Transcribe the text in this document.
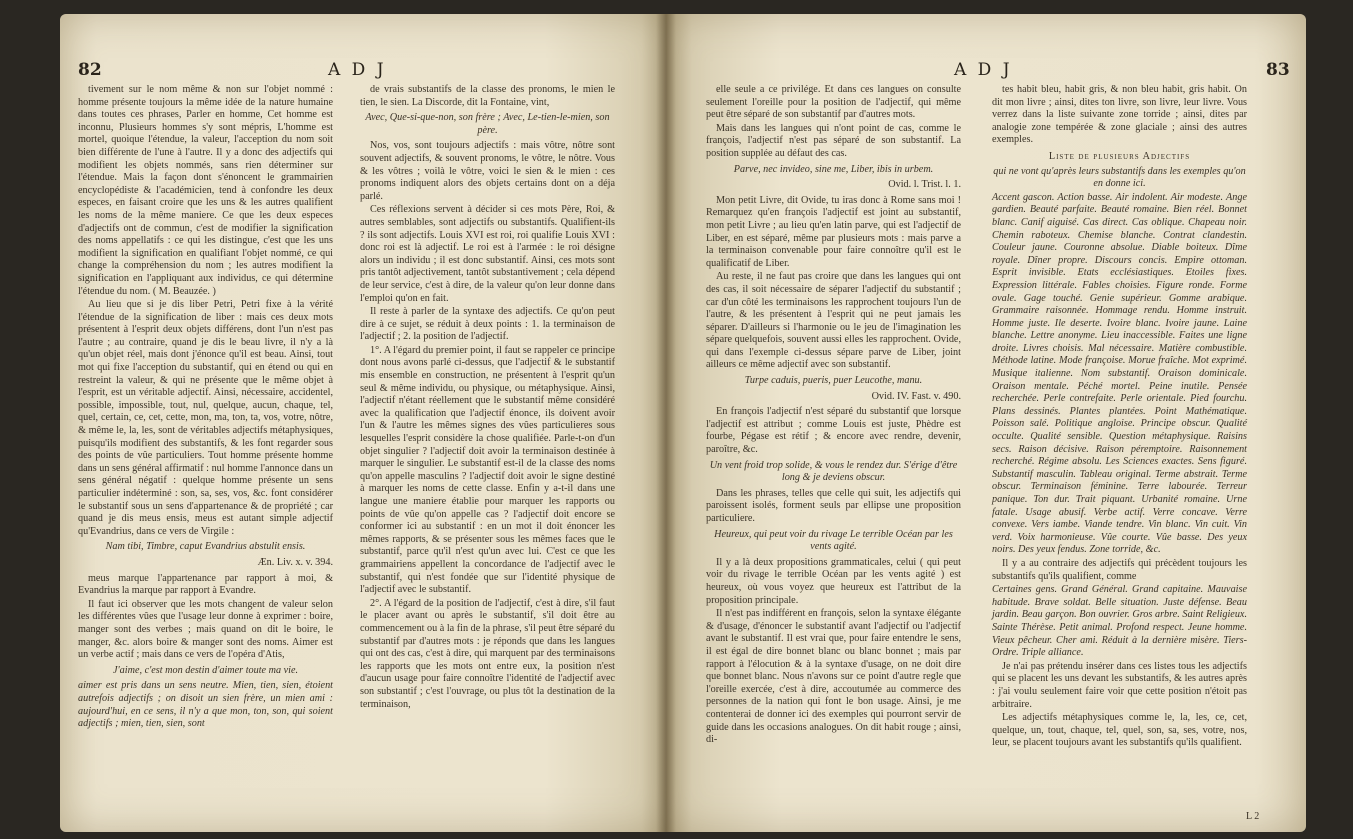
82	A D J

tivement sur le nom même & non sur l'objet nommé : homme présente toujours la même idée de la nature humaine dans toutes ces phrases, Parler en homme, Cet homme est inconnu, Plusieurs hommes s'y sont mépris, L'homme est mortel, quoique l'étendue, la valeur, l'acception du nom soit bien différente de l'une à l'autre. Il y a donc des adjectifs qui modifient les objets nommés, sans rien déterminer sur l'étendue. Mais la façon dont s'énoncent le grammairien encyclopédiste & l'académicien, tend à confondre les deux especes, en faisant croire que les uns & les autres qualifient les noms de la même maniere. Ce que les deux especes d'adjectifs ont de commun, c'est de modifier la signification des noms appellatifs : ce qui les distingue, c'est que les uns modifient la signification en qualifiant l'objet nommé, ce qui change la compréhension du nom ; les autres modifient la signification en l'appliquant aux individus, ce qui détermine l'étendue du nom. ( M. Beauzée. )

Au lieu que si je dis liber Petri, Petri fixe à la vérité l'étendue de la signification de liber : mais ces deux mots présentent à l'esprit deux objets différens, dont l'un n'est pas l'autre ; au contraire, quand je dis le beau livre, il n'y a là qu'un objet réel, mais dont j'énonce qu'il est beau. Ainsi, tout mot qui fixe l'acception du substantif, qui en étend ou qui en restreint la valeur, & qui ne présente que le même objet à l'esprit, est un véritable adjectif. Ainsi, nécessaire, accidentel, possible, impossible, tout, nul, quelque, aucun, chaque, tel, quel, certain, ce, cet, cette, mon, ma, ton, ta, vos, votre, nôtre, & même le, la, les, sont de véritables adjectifs métaphysiques, puisqu'ils modifient des substantifs, & les font regarder sous des points de vûe particuliers. Tout homme présente homme dans un sens général affirmatif : nul homme l'annonce dans un sens général négatif : quelque homme présente un sens particulier indéterminé : son, sa, ses, vos, &c. font considérer le substantif sous un sens d'appartenance & de propriété ; car quand je dis meus ensis, meus est autant simple adjectif qu'Evandrius, dans ce vers de Virgile :

Nam tibi, Timbre, caput Evandrius abstulit ensis.

Æn. Liv. x. v. 394.

meus marque l'appartenance par rapport à moi, & Evandrius la marque par rapport à Evandre.

Il faut ici observer que les mots changent de valeur selon les différentes vûes que l'usage leur donne à exprimer : boire, manger sont des verbes ; mais quand on dit le boire, le manger, &c. alors boire & manger sont des noms. Aimer est un verbe actif ; mais dans ce vers de l'opéra d'Atis,

J'aime, c'est mon destin d'aimer toute ma vie.

aimer est pris dans un sens neutre. Mien, tien, sien, étoient autrefois adjectifs ; on disoit un sien frère, un mien ami : aujourd'hui, en ce sens, il n'y a que mon, ton, son, qui soient adjectifs ; mien, tien, sien, sont

de vrais substantifs de la classe des pronoms, le mien le tien, le sien. La Discorde, dit la Fontaine, vint,

Avec, Que-si-que-non, son frère ; Avec, Le-tien-le-mien, son père.

Nos, vos, sont toujours adjectifs : mais vôtre, nôtre sont souvent adjectifs, & souvent pronoms, le vôtre, le nôtre. Vous & les vôtres ; voilà le vôtre, voici le sien & le mien : ces pronoms indiquent alors des objets certains dont on a déja parlé.

Ces réflexions servent à décider si ces mots Père, Roi, & autres semblables, sont adjectifs ou substantifs. Qualifient-ils ? ils sont adjectifs. Louis XVI est roi, roi qualifie Louis XVI : donc roi est là adjectif. Le roi est à l'armée : le roi désigne alors un individu ; il est donc substantif. Ainsi, ces mots sont pris tantôt adjectivement, tantôt substantivement ; cela dépend de leur service, c'est à dire, de la valeur qu'on leur donne dans l'emploi qu'on en fait.

Il reste à parler de la syntaxe des adjectifs. Ce qu'on peut dire à ce sujet, se réduit à deux points : 1. la terminaison de l'adjectif ; 2. la position de l'adjectif.

1°. A l'égard du premier point, il faut se rappeler ce principe dont nous avons parlé ci-dessus, que l'adjectif & le substantif mis ensemble en construction, ne présentent à l'esprit qu'un seul & même individu, ou physique, ou métaphysique. Ainsi, l'adjectif n'étant réellement que le substantif même considéré avec la qualification que l'adjectif énonce, ils doivent avoir l'un & l'autre les mêmes signes des vûes particulieres sous lesquelles l'esprit considère la chose qualifiée. Parle-t-on d'un objet singulier ? l'adjectif doit avoir la terminaison destinée à marquer le singulier. Le substantif est-il de la classe des noms qu'on appelle masculins ? l'adjectif doit avoir le signe destiné à marquer les noms de cette classe. Enfin y a-t-il dans une langue une maniere établie pour marquer les rapports ou points de vûe qu'on appelle cas ? l'adjectif doit encore se conformer ici au substantif : en un mot il doit énoncer les mêmes rapports, & se présenter sous les mêmes faces que le substantif, parce qu'il n'est qu'un avec lui. C'est ce que les grammairiens appellent la concordance de l'adjectif avec le substantif, qui n'est fondée que sur l'identité physique de l'adjectif avec le substantif.

2°. A l'égard de la position de l'adjectif, c'est à dire, s'il faut le placer avant ou après le substantif, s'il doit être au commencement ou à la fin de la phrase, s'il peut être séparé du substantif par d'autres mots : je réponds que dans les langues qui ont des cas, c'est à dire, qui marquent par des terminaisons les rapports que les mots ont entre eux, la position n'est d'aucun usage pour faire connoître l'identité de l'adjectif avec son substantif ; c'est l'ouvrage, ou plus tôt la destination de la terminaison,

A D J	83

elle seule a ce privilége. Et dans ces langues on consulte seulement l'oreille pour la position de l'adjectif, qui même peut être séparé de son substantif par d'autres mots.

Mais dans les langues qui n'ont point de cas, comme le françois, l'adjectif n'est pas séparé de son substantif. La position supplée au défaut des cas.

Parve, nec invideo, sine me, Liber, ibis in urbem.

Ovid. l. Trist. l. 1.

Mon petit Livre, dit Ovide, tu iras donc à Rome sans moi ! Remarquez qu'en françois l'adjectif est joint au substantif, mon petit Livre ; au lieu qu'en latin parve, qui est l'adjectif de Liber, en est séparé, même par plusieurs mots : mais parve a la terminaison convenable pour faire connoître qu'il est le qualificatif de Liber.

Au reste, il ne faut pas croire que dans les langues qui ont des cas, il soit nécessaire de séparer l'adjectif du substantif ; car d'un côté les terminaisons les rapprochent toujours l'un de l'autre, & les présentent à l'esprit qui ne peut jamais les séparer. D'ailleurs si l'harmonie ou le jeu de l'imagination les sépare quelquefois, souvent aussi elles les rapprochent. Ovide, qui dans l'exemple ci-dessus sépare parve de Liber, joint ailleurs ce même adjectif avec son substantif.

Turpe caduis, pueris, puer Leucothe, manu.

Ovid. IV. Fast. v. 490.

En françois l'adjectif n'est séparé du substantif que lorsque l'adjectif est attribut ; comme Louis est juste, Phèdre est fourbe, Pégase est rétif ; & encore avec rendre, devenir, paroître, &c.

Un vent froid trop solide, & vous le rendez dur. S'érige d'être long & je deviens obscur.

Dans les phrases, telles que celle qui suit, les adjectifs qui paroissent isolés, forment seuls par ellipse une proposition particuliere.

Heureux, qui peut voir du rivage Le terrible Océan par les vents agité.

Il y a là deux propositions grammaticales, celui ( qui peut voir du rivage le terrible Océan par les vents agité ) est heureux, où vous voyez que heureux est l'attribut de la proposition principale.

Il n'est pas indifférent en françois, selon la syntaxe élégante & d'usage, d'énoncer le substantif avant l'adjectif ou l'adjectif avant le substantif. Il est vrai que, pour faire entendre le sens, il est égal de dire bonnet blanc ou blanc bonnet ; mais par rapport à l'élocution & à la syntaxe d'usage, on ne doit dire que bonnet blanc. Nous n'avons sur ce point d'autre regle que l'oreille exercée, c'est à dire, accoutumée au commerce des personnes de la nation qui font le bon usage. Ainsi, je me contenterai de donner ici des exemples qui pourront servir de guide dans les occasions analogues. On dit habit rouge ; ainsi, di-

tes habit bleu, habit gris, & non bleu habit, gris habit. On dit mon livre ; ainsi, dites ton livre, son livre, leur livre. Vous verrez dans la liste suivante zone torride ; ainsi, dites par analogie zone tempérée & zone glaciale ; ainsi des autres exemples.

Liste de plusieurs Adjectifs

qui ne vont qu'après leurs substantifs dans les exemples qu'on en donne ici.

Accent gascon. Action basse. Air indolent. Air modeste. Ange gardien. Beauté parfaite. Beauté romaine. Bien réel. Bonnet blanc. Canif aiguisé. Cas direct. Cas oblique. Chapeau noir. Chemin raboteux. Chemise blanche. Contrat clandestin. Couleur jaune. Couronne absolue. Diable boiteux. Dîme royale. Dîner propre. Discours concis. Empire ottoman. Esprit invisible. Etats ecclésiastiques. Etoiles fixes. Expression littérale. Fables choisies. Figure ronde. Forme ovale. Gage touché. Genie supérieur. Gomme arabique. Grammaire raisonnée. Hommage rendu. Homme instruit. Homme juste. Ile deserte. Ivoire blanc. Ivoire jaune. Laine blanche. Lettre anonyme. Lieu inaccessible. Faites une ligne droite. Livres choisis. Mal nécessaire. Matière combustible. Méthode latine. Mode françoise. Morue fraîche. Mot exprimé. Musique italienne. Nom substantif. Oraison dominicale. Oraison mentale. Péché mortel. Peine inutile. Pensée recherchée. Perle contrefaite. Perle orientale. Pied fourchu. Plans dessinés. Plantes plantées. Point Mathématique. Poisson salé. Politique angloise. Principe obscur. Qualité occulte. Qualité sensible. Question métaphysique. Raisins secs. Raison décisive. Raison péremptoire. Raisonnement recherché. Régime absolu. Les Sciences exactes. Sens figuré. Substantif masculin. Tableau original. Terme abstrait. Terme obscur. Terminaison féminine. Terre labourée. Terreur panique. Ton dur. Trait piquant. Urbanité romaine. Urne fatale. Usage abusif. Verbe actif. Verre concave. Verre convexe. Vers iambe. Viande tendre. Vin blanc. Vin cuit. Vin verd. Voix harmonieuse. Vûe courte. Vûe basse. Des yeux noirs. Des yeux fendus. Zone torride, &c.

Il y a au contraire des adjectifs qui précèdent toujours les substantifs qu'ils qualifient, comme

Certaines gens. Grand Général. Grand capitaine. Mauvaise habitude. Brave soldat. Belle situation. Juste défense. Beau jardin. Beau garçon. Bon ouvrier. Gros arbre. Saint Religieux. Sainte Thérèse. Petit animal. Profond respect. Jeune homme. Vieux pêcheur. Cher ami. Réduit à la dernière misère. Tiers-Ordre. Triple alliance.

Je n'ai pas prétendu insérer dans ces listes tous les adjectifs qui se placent les uns devant les substantifs, & les autres après : j'ai voulu seulement faire voir que cette position n'étoit pas arbitraire.

Les adjectifs métaphysiques comme le, la, les, ce, cet, quelque, un, tout, chaque, tel, quel, son, sa, ses, votre, nos, leur, se placent toujours avant les substantifs qu'ils qualifient.

L 2
